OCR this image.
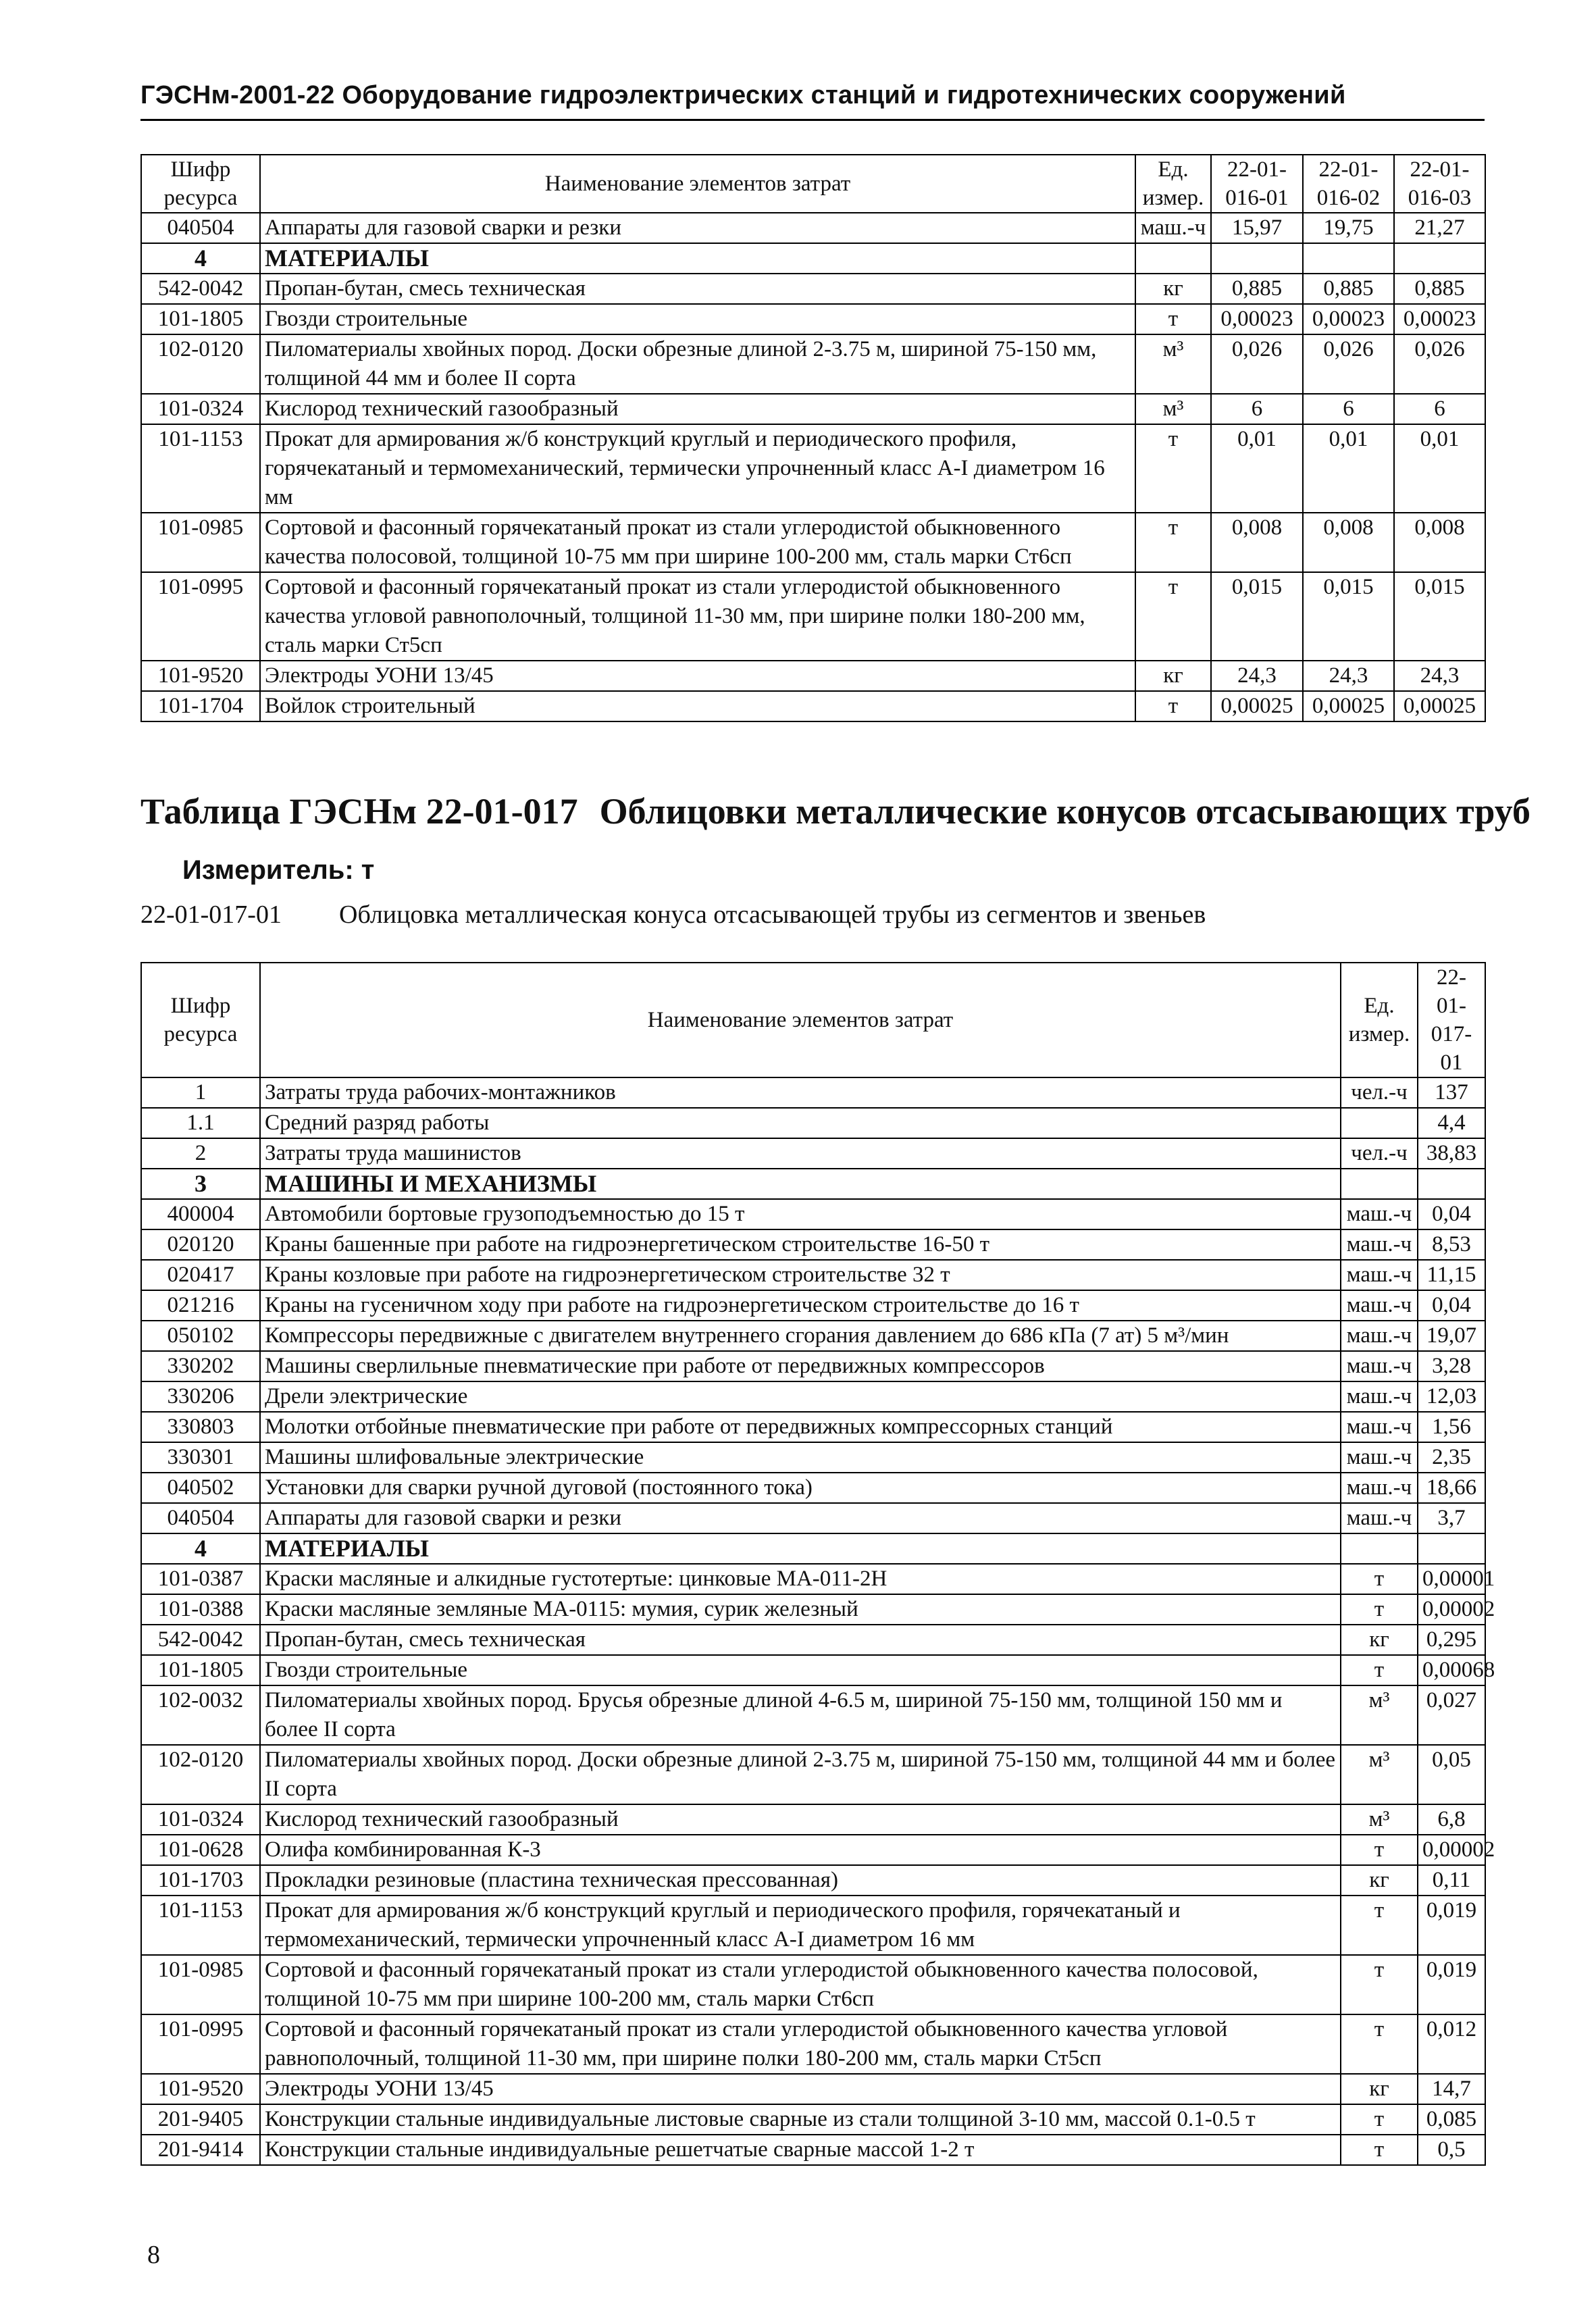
ГЭСНм-2001-22 Оборудование гидроэлектрических станций и гидротехнических сооружений
Шифр ресурса	Наименование элементов затрат	Ед. измер.	22-01-016-01	22-01-016-02	22-01-016-03
040504	Аппараты для газовой сварки и резки	маш.-ч	15,97	19,75	21,27
4	МАТЕРИАЛЫ				
542-0042	Пропан-бутан, смесь техническая	кг	0,885	0,885	0,885
101-1805	Гвозди строительные	т	0,00023	0,00023	0,00023
102-0120	Пиломатериалы хвойных пород. Доски обрезные длиной 2-3.75 м, шириной 75-150 мм, толщиной 44 мм и более II сорта	м³	0,026	0,026	0,026
101-0324	Кислород технический газообразный	м³	6	6	6
101-1153	Прокат для армирования ж/б конструкций круглый и периодического профиля, горячекатаный и термомеханический, термически упрочненный класс А-I диаметром 16 мм	т	0,01	0,01	0,01
101-0985	Сортовой и фасонный горячекатаный прокат из стали углеродистой обыкновенного качества полосовой, толщиной 10-75 мм при ширине 100-200 мм, сталь марки Ст6сп	т	0,008	0,008	0,008
101-0995	Сортовой и фасонный горячекатаный прокат из стали углеродистой обыкновенного качества угловой равнополочный, толщиной 11-30 мм, при ширине полки 180-200 мм, сталь марки Ст5сп	т	0,015	0,015	0,015
101-9520	Электроды УОНИ 13/45	кг	24,3	24,3	24,3
101-1704	Войлок строительный	т	0,00025	0,00025	0,00025
Таблица ГЭСНм 22-01-017 Облицовки металлические конусов отсасывающих труб
Измеритель: т
22-01-017-01 Облицовка металлическая конуса отсасывающей трубы из сегментов и звеньев
Шифр ресурса	Наименование элементов затрат	Ед. измер.	22-01-017-01
1	Затраты труда рабочих-монтажников	чел.-ч	137
1.1	Средний разряд работы		4,4
2	Затраты труда машинистов	чел.-ч	38,83
3	МАШИНЫ И МЕХАНИЗМЫ		
400004	Автомобили бортовые грузоподъемностью до 15 т	маш.-ч	0,04
020120	Краны башенные при работе на гидроэнергетическом строительстве 16-50 т	маш.-ч	8,53
020417	Краны козловые при работе на гидроэнергетическом строительстве 32 т	маш.-ч	11,15
021216	Краны на гусеничном ходу при работе на гидроэнергетическом строительстве до 16 т	маш.-ч	0,04
050102	Компрессоры передвижные с двигателем внутреннего сгорания давлением до 686 кПа (7 ат) 5 м³/мин	маш.-ч	19,07
330202	Машины сверлильные пневматические при работе от передвижных компрессоров	маш.-ч	3,28
330206	Дрели электрические	маш.-ч	12,03
330803	Молотки отбойные пневматические при работе от передвижных компрессорных станций	маш.-ч	1,56
330301	Машины шлифовальные электрические	маш.-ч	2,35
040502	Установки для сварки ручной дуговой (постоянного тока)	маш.-ч	18,66
040504	Аппараты для газовой сварки и резки	маш.-ч	3,7
4	МАТЕРИАЛЫ		
101-0387	Краски масляные и алкидные густотертые: цинковые МА-011-2Н	т	0,00001
101-0388	Краски масляные земляные МА-0115: мумия, сурик железный	т	0,00002
542-0042	Пропан-бутан, смесь техническая	кг	0,295
101-1805	Гвозди строительные	т	0,00068
102-0032	Пиломатериалы хвойных пород. Брусья обрезные длиной 4-6.5 м, шириной 75-150 мм, толщиной 150 мм и более II сорта	м³	0,027
102-0120	Пиломатериалы хвойных пород. Доски обрезные длиной 2-3.75 м, шириной 75-150 мм, толщиной 44 мм и более II сорта	м³	0,05
101-0324	Кислород технический газообразный	м³	6,8
101-0628	Олифа комбинированная К-3	т	0,00002
101-1703	Прокладки резиновые (пластина техническая прессованная)	кг	0,11
101-1153	Прокат для армирования ж/б конструкций круглый и периодического профиля, горячекатаный и термомеханический, термически упрочненный класс А-I диаметром 16 мм	т	0,019
101-0985	Сортовой и фасонный горячекатаный прокат из стали углеродистой обыкновенного качества полосовой, толщиной 10-75 мм при ширине 100-200 мм, сталь марки Ст6сп	т	0,019
101-0995	Сортовой и фасонный горячекатаный прокат из стали углеродистой обыкновенного качества угловой равнополочный, толщиной 11-30 мм, при ширине полки 180-200 мм, сталь марки Ст5сп	т	0,012
101-9520	Электроды УОНИ 13/45	кг	14,7
201-9405	Конструкции стальные индивидуальные листовые сварные из стали толщиной 3-10 мм, массой 0.1-0.5 т	т	0,085
201-9414	Конструкции стальные индивидуальные решетчатые сварные массой 1-2 т	т	0,5
8
